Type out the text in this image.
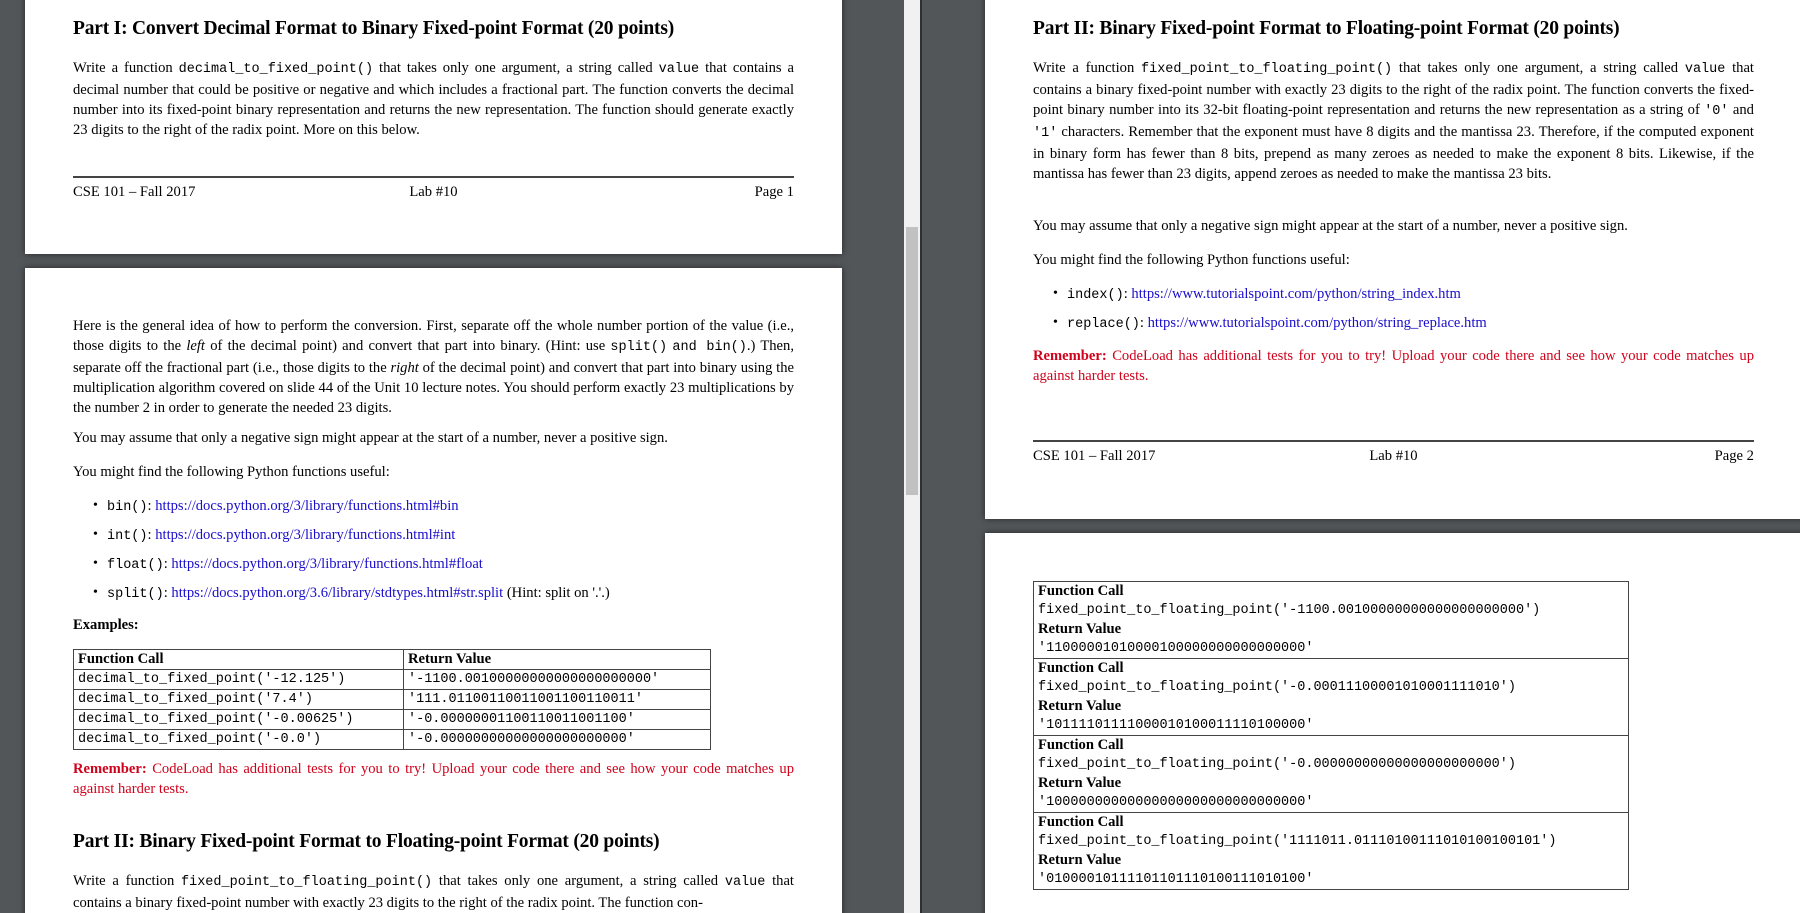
Part I: Convert Decimal Format to Binary Fixed-point Format (20 points)

Write a function decimal_to_fixed_point() that takes only one argument, a string called value that contains a decimal number that could be positive or negative and which includes a fractional part. The function converts the decimal number into its fixed-point binary representation and returns the new representation. The function should generate exactly 23 digits to the right of the radix point. More on this below.

CSE 101 – Fall 2017	Lab #10	Page 1

Here is the general idea of how to perform the conversion. First, separate off the whole number portion of the value (i.e., those digits to the left of the decimal point) and convert that part into binary. (Hint: use split() and bin().) Then, separate off the fractional part (i.e., those digits to the right of the decimal point) and convert that part into binary using the multiplication algorithm covered on slide 44 of the Unit 10 lecture notes. You should perform exactly 23 multiplications by the number 2 in order to generate the needed 23 digits.

You may assume that only a negative sign might appear at the start of a number, never a positive sign.

You might find the following Python functions useful:

• bin(): https://docs.python.org/3/library/functions.html#bin
• int(): https://docs.python.org/3/library/functions.html#int
• float(): https://docs.python.org/3/library/functions.html#float
• split(): https://docs.python.org/3.6/library/stdtypes.html#str.split (Hint: split on '.'.)

Examples:

Function Call	Return Value
decimal_to_fixed_point('-12.125')	'-1100.00100000000000000000000'
decimal_to_fixed_point('7.4')	'111.01100110011001100110011'
decimal_to_fixed_point('-0.00625')	'-0.00000001100110011001100'
decimal_to_fixed_point('-0.0')	'-0.00000000000000000000000'

Remember: CodeLoad has additional tests for you to try! Upload your code there and see how your code matches up against harder tests.

Part II: Binary Fixed-point Format to Floating-point Format (20 points)

Write a function fixed_point_to_floating_point() that takes only one argument, a string called value that contains a binary fixed-point number with exactly 23 digits to the right of the radix point. The function con-

Part II: Binary Fixed-point Format to Floating-point Format (20 points)

Write a function fixed_point_to_floating_point() that takes only one argument, a string called value that contains a binary fixed-point number with exactly 23 digits to the right of the radix point. The function converts the fixed-point binary number into its 32-bit floating-point representation and returns the new representation as a string of '0' and '1' characters. Remember that the exponent must have 8 digits and the mantissa 23. Therefore, if the computed exponent in binary form has fewer than 8 bits, prepend as many zeroes as needed to make the exponent 8 bits. Likewise, if the mantissa has fewer than 23 digits, append zeroes as needed to make the mantissa 23 bits.

You may assume that only a negative sign might appear at the start of a number, never a positive sign.

You might find the following Python functions useful:

• index(): https://www.tutorialspoint.com/python/string_index.htm
• replace(): https://www.tutorialspoint.com/python/string_replace.htm

Remember: CodeLoad has additional tests for you to try! Upload your code there and see how your code matches up against harder tests.

CSE 101 – Fall 2017	Lab #10	Page 2
Function Call
fixed_point_to_floating_point('-1100.00100000000000000000000')
Return Value
'11000001010000100000000000000000'
Function Call
fixed_point_to_floating_point('-0.00011100001010001111010')
Return Value
'10111101111000010100011110100000'
Function Call
fixed_point_to_floating_point('-0.00000000000000000000000')
Return Value
'10000000000000000000000000000000'
Function Call
fixed_point_to_floating_point('1111011.01110100111010100100101')
Return Value
'01000010111101101110100111010100'
